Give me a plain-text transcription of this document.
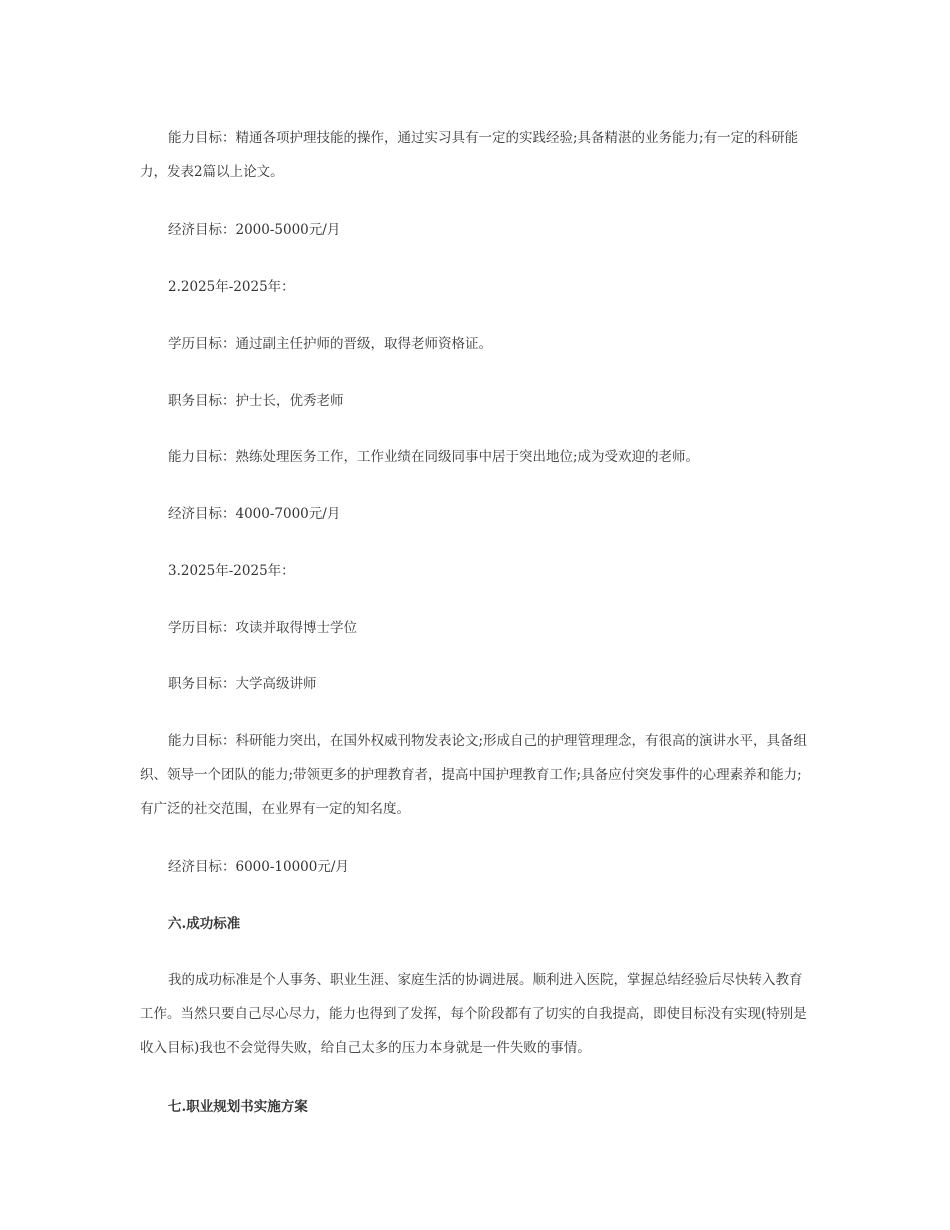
能力目标：精通各项护理技能的操作，通过实习具有一定的实践经验;具备精湛的业务能力;有一定的科研能力，发表2篇以上论文。

经济目标：2000-5000元/月

2.2025年-2025年：

学历目标：通过副主任护师的晋级，取得老师资格证。

职务目标：护士长，优秀老师

能力目标：熟练处理医务工作，工作业绩在同级同事中居于突出地位;成为受欢迎的老师。

经济目标：4000-7000元/月

3.2025年-2025年：

学历目标：攻读并取得博士学位

职务目标：大学高级讲师

能力目标：科研能力突出，在国外权威刊物发表论文;形成自己的护理管理理念，有很高的演讲水平，具备组织、领导一个团队的能力;带领更多的护理教育者，提高中国护理教育工作;具备应付突发事件的心理素养和能力;有广泛的社交范围，在业界有一定的知名度。

经济目标：6000-10000元/月

六.成功标准

我的成功标准是个人事务、职业生涯、家庭生活的协调进展。顺利进入医院，掌握总结经验后尽快转入教育工作。当然只要自己尽心尽力，能力也得到了发挥，每个阶段都有了切实的自我提高，即使目标没有实现(特别是收入目标)我也不会觉得失败，给自己太多的压力本身就是一件失败的事情。

七.职业规划书实施方案
